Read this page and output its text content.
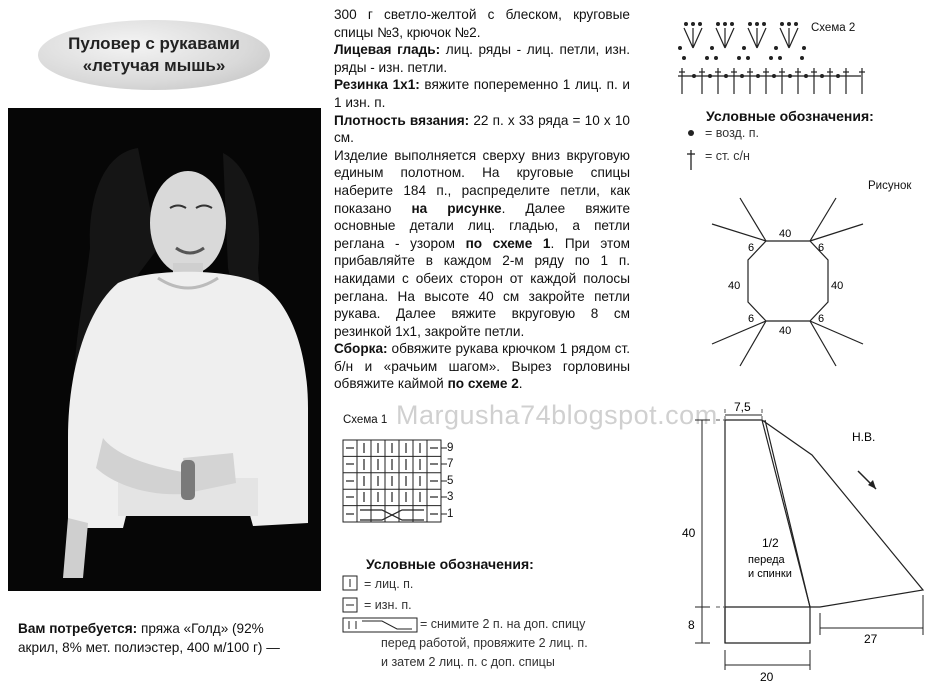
Пуловер с рукавами
«летучая мышь»
Вам потребуется: пряжа «Голд» (92%
акрил, 8% мет. полиэстер, 400 м/100 г) —

300 г светло-желтой с блеском, круговые спицы №3, крючок №2.

Лицевая гладь: лиц. ряды - лиц. петли, изн. ряды - изн. петли.

Резинка 1х1: вяжите попеременно 1 лиц. п. и 1 изн. п.

Плотность вязания: 22 п. х 33 ряда = 10 х 10 см.

Изделие выполняется сверху вниз вкруговую единым полотном. На круговые спицы наберите 184 п., распределите петли, как показано на рисунке. Далее вяжите основные детали лиц. гладью, а петли реглана - узором по схеме 1. При этом прибавляйте в каждом 2-м ряду по 1 п. накидами с обеих сторон от каждой полосы реглана. На высоте 40 см закройте петли рукава. Далее вяжите вкруговую 8 см резинкой 1х1, закройте петли.

Сборка: обвяжите рукава крючком 1 рядом ст. б/н и «рачьим шагом». Вырез горловины обвяжите каймой по схеме 2.

Margusha74blogspot.com
Схема 1
9
7
5
3
1
Условные обозначения:
= лиц. п.
= изн. п.
= снимите 2 п. на доп. спицу
перед работой, провяжите 2 лиц. п.
и затем 2 лиц. п. с доп. спицы
Схема 2
Условные обозначения:
= возд. п.
= ст. с/н
Рисунок
40
40
40	40
6	6
6	6
7,5
40
8
20
27
Н.В.
1/2
переда
и спинки
